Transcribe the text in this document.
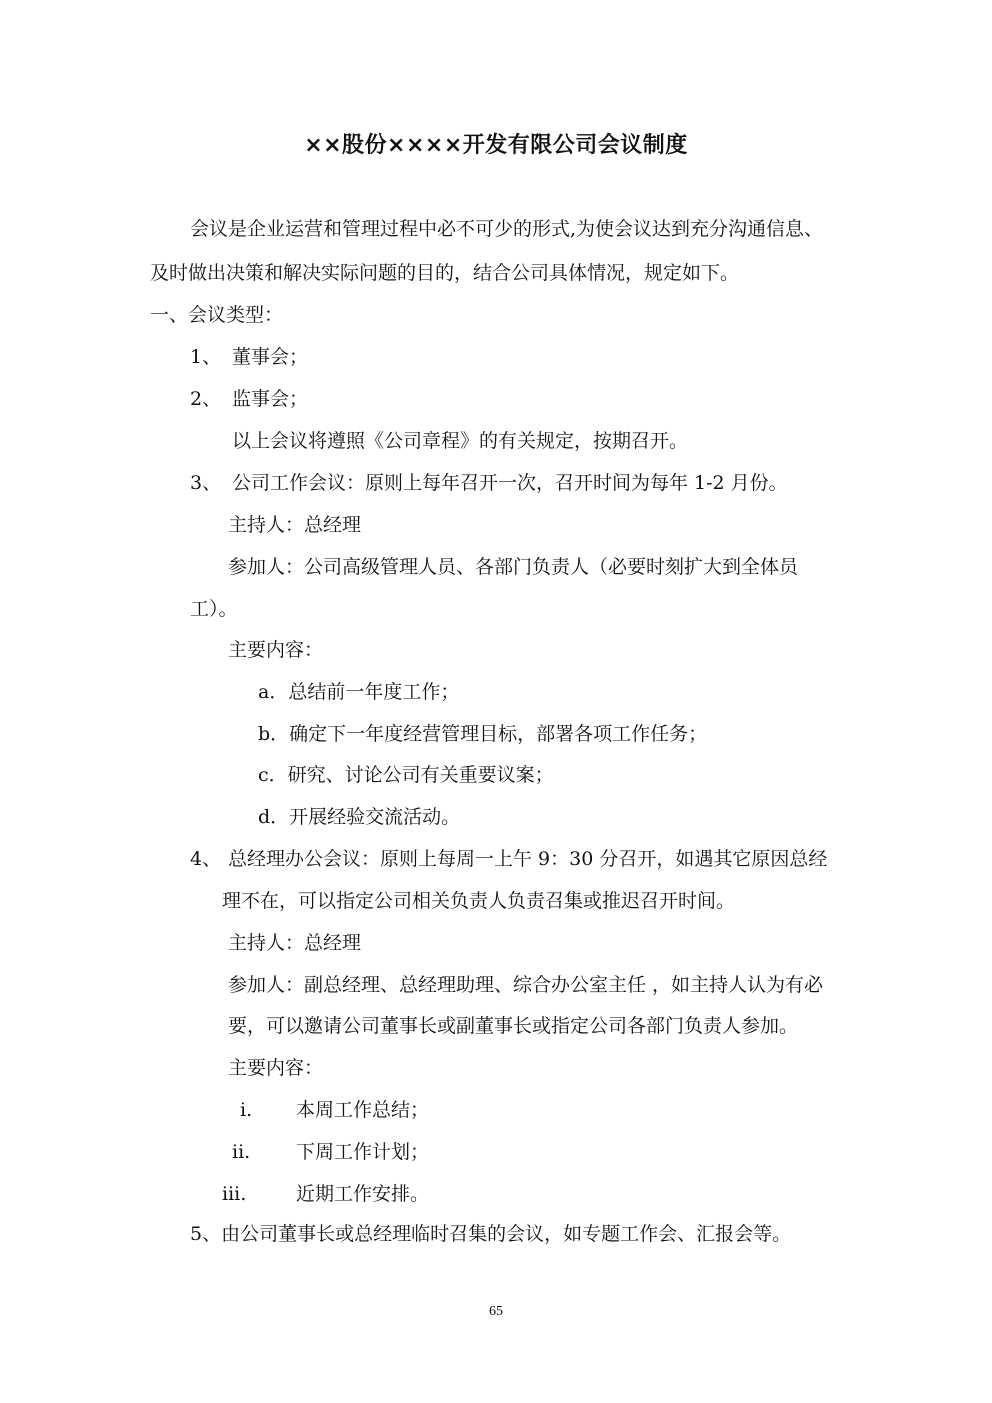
××股份××××开发有限公司会议制度
会议是企业运营和管理过程中必不可少的形式,为使会议达到充分沟通信息、
及时做出决策和解决实际问题的目的，结合公司具体情况，规定如下。
一、会议类型：
1、 董事会；
2、 监事会；
以上会议将遵照《公司章程》的有关规定，按期召开。
3、 公司工作会议：原则上每年召开一次，召开时间为每年 1-2 月份。
主持人：总经理
参加人：公司高级管理人员、各部门负责人（必要时刻扩大到全体员
工）。
主要内容：
a．总结前一年度工作；
b．确定下一年度经营管理目标，部署各项工作任务；
c．研究、讨论公司有关重要议案；
d．开展经验交流活动。
4、 总经理办公会议：原则上每周一上午 9：30 分召开，如遇其它原因总经
理不在，可以指定公司相关负责人负责召集或推迟召开时间。
主持人：总经理
参加人：副总经理、总经理助理、综合办公室主任 ，如主持人认为有必
要，可以邀请公司董事长或副董事长或指定公司各部门负责人参加。
主要内容：
i. 本周工作总结；
ii. 下周工作计划；
iii.	近期工作安排。
5、由公司董事长或总经理临时召集的会议，如专题工作会、汇报会等。
65
